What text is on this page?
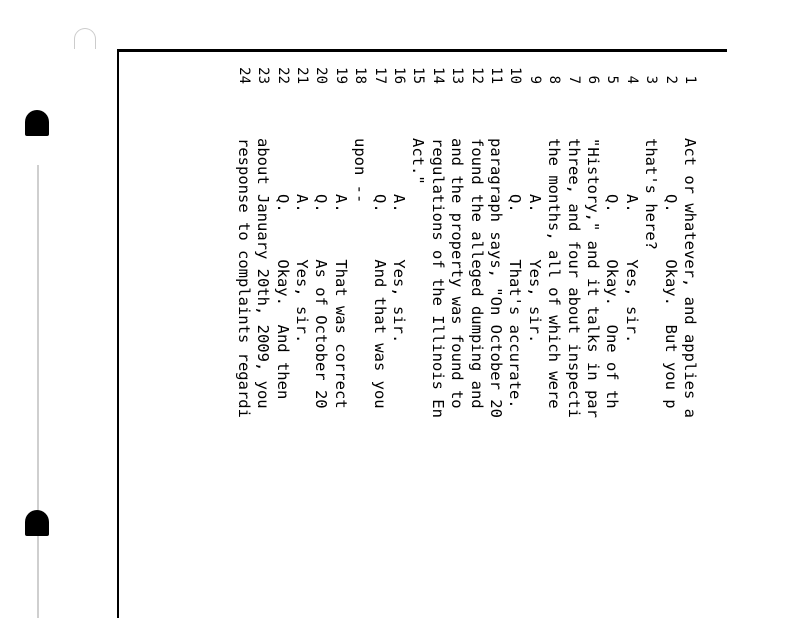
1
Act or whatever, and applies a
2
Q.     Okay.  But you p
3
that's here?
4
A.     Yes, sir.
5
Q.     Okay.  One of th
6
"History," and it talks in par
7
three, and four about inspecti
8
the months, all of which were
9
A.     Yes, sir.
10
Q.     That's accurate.
11
paragraph says, "On October 20
12
found the alleged dumping and
13
and the property was found to
14
regulations of the Illinois En
15
Act."
16
A.     Yes, sir.
17
Q.     And that was you
18
upon --
19
A.     That was correct
20
Q.     As of October 20
21
A.     Yes, sir.
22
Q.     Okay.  And then
23
about January 20th, 2009, you
24
response to complaints regardi
